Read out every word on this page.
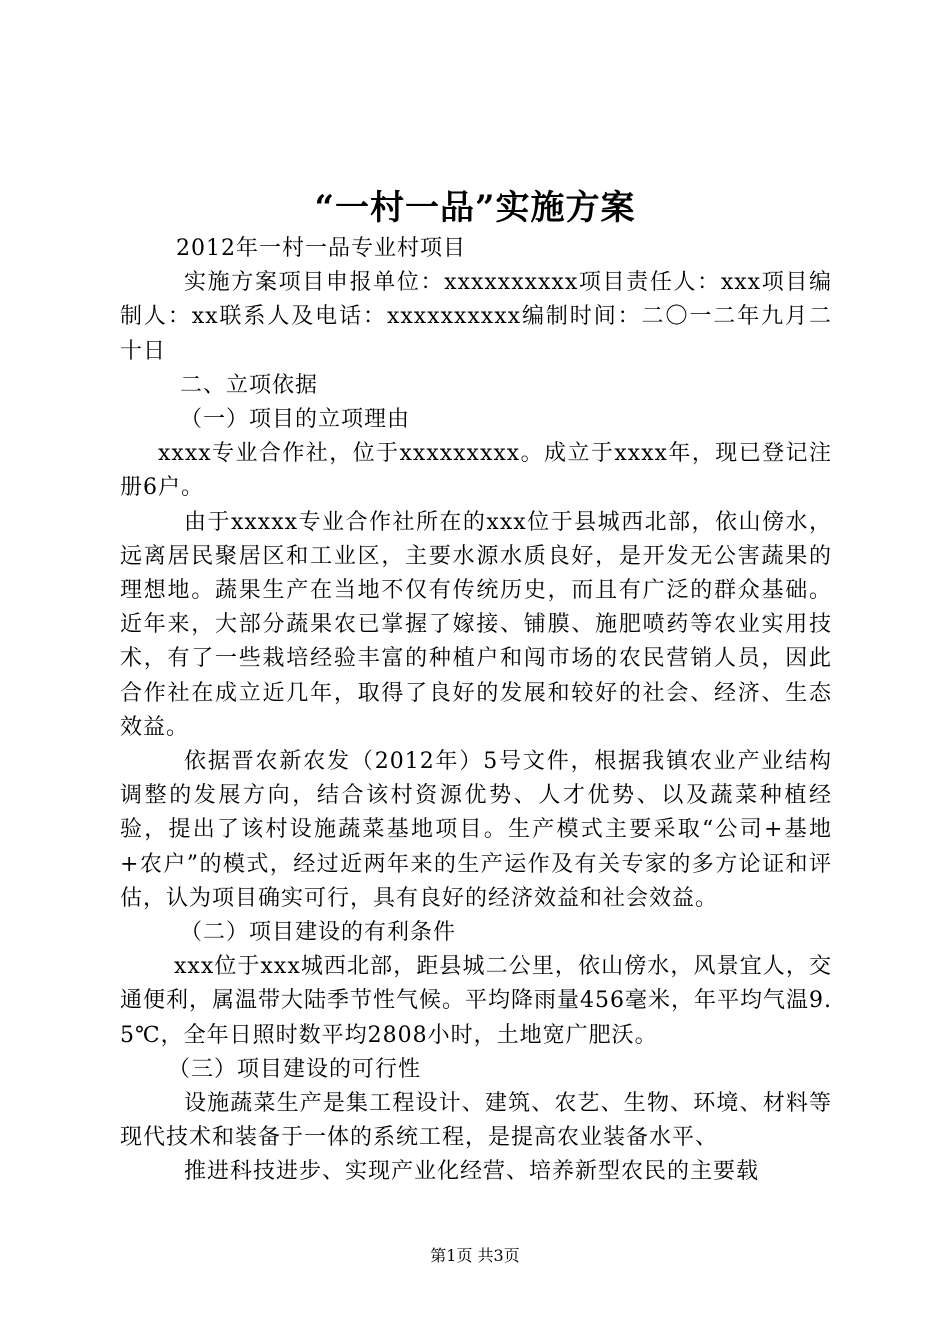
“一村一品”实施方案

2012年一村一品专业村项目

实施方案项目申报单位：xxxxxxxxxx项目责任人：xxx项目编制人：xx联系人及电话：xxxxxxxxxx编制时间：二〇一二年九月二十日

二、立项依据

（一）项目的立项理由

xxxx专业合作社，位于xxxxxxxxx。成立于xxxx年，现已登记注册6户。

由于xxxxx专业合作社所在的xxx位于县城西北部，依山傍水，远离居民聚居区和工业区，主要水源水质良好，是开发无公害蔬果的理想地。蔬果生产在当地不仅有传统历史，而且有广泛的群众基础。近年来，大部分蔬果农已掌握了嫁接、铺膜、施肥喷药等农业实用技术，有了一些栽培经验丰富的种植户和闯市场的农民营销人员，因此合作社在成立近几年，取得了良好的发展和较好的社会、经济、生态效益。

依据晋农新农发（2012年）5号文件，根据我镇农业产业结构调整的发展方向，结合该村资源优势、人才优势、以及蔬菜种植经验，提出了该村设施蔬菜基地项目。生产模式主要采取“公司+基地+农户”的模式，经过近两年来的生产运作及有关专家的多方论证和评估，认为项目确实可行，具有良好的经济效益和社会效益。

（二）项目建设的有利条件

xxx位于xxx城西北部，距县城二公里，依山傍水，风景宜人，交通便利，属温带大陆季节性气候。平均降雨量456毫米，年平均气温9.5℃，全年日照时数平均2808小时，土地宽广肥沃。

（三）项目建设的可行性

设施蔬菜生产是集工程设计、建筑、农艺、生物、环境、材料等现代技术和装备于一体的系统工程，是提高农业装备水平、

推进科技进步、实现产业化经营、培养新型农民的主要载

第1页 共3页
